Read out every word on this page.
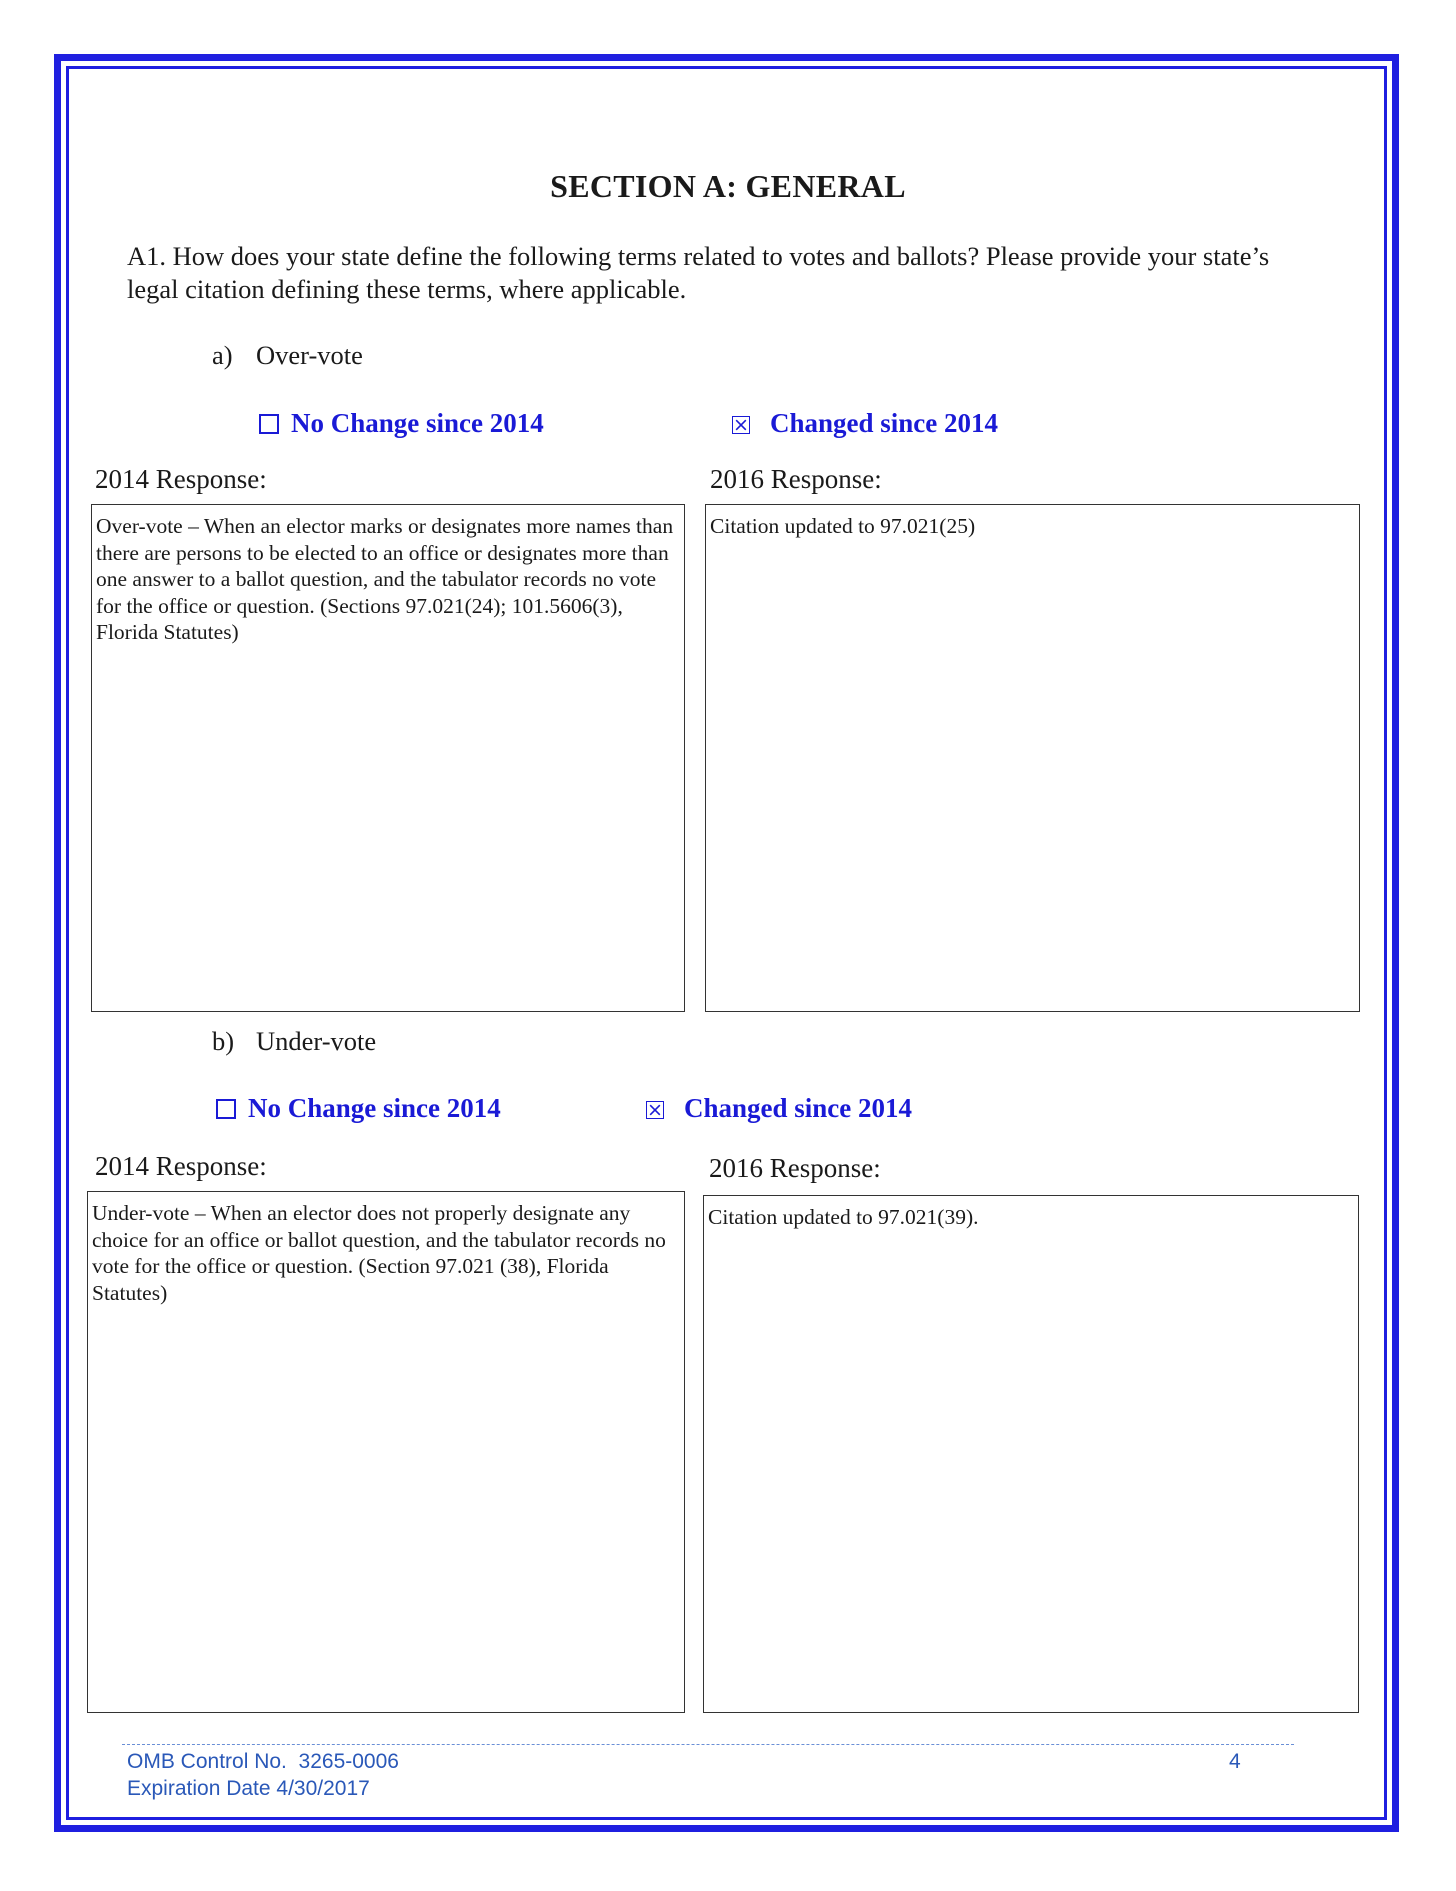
SECTION A: GENERAL
A1. How does your state define the following terms related to votes and ballots? Please provide your state’s legal citation defining these terms, where applicable.
a) Over-vote
No Change since 2014	Changed since 2014
2014 Response:	2016 Response:
Over-vote – When an elector marks or designates more names than there are persons to be elected to an office or designates more than one answer to a ballot question, and the tabulator records no vote for the office or question. (Sections 97.021(24); 101.5606(3), Florida Statutes)
Citation updated to 97.021(25)
b) Under-vote
No Change since 2014	Changed since 2014
2014 Response:	2016 Response:
Under-vote – When an elector does not properly designate any choice for an office or ballot question, and the tabulator records no vote for the office or question. (Section 97.021 (38), Florida Statutes)
Citation updated to 97.021(39).
OMB Control No.  3265-0006
Expiration Date 4/30/2017
4
